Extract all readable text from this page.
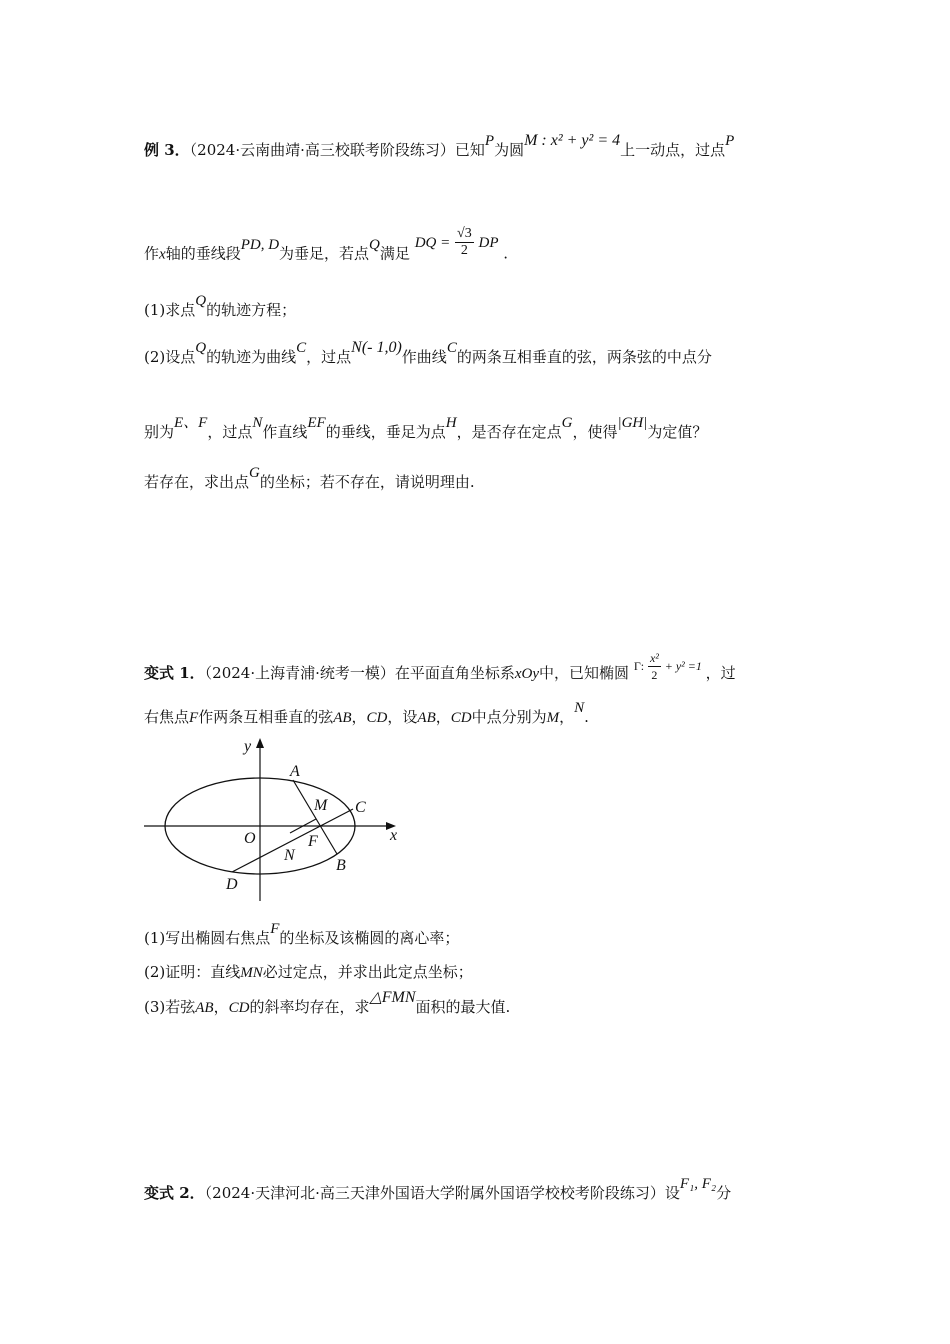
例 3．（2024·云南曲靖·高三校联考阶段练习）已知P为圆M : x² + y² = 4上一动点，过点P
作x轴的垂线段PD, D为垂足，若点Q满足 DQ = $\frac{√3}{2}$ DP .
(1)求点Q的轨迹方程；
(2)设点Q的轨迹为曲线C，过点N(- 1,0)作曲线C的两条互相垂直的弦，两条弦的中点分
别为E、F，过点N作直线EF的垂线，垂足为点H，是否存在定点G，使得|GH|为定值？
若存在，求出点G的坐标；若不存在，请说明理由.
变式 1．（2024·上海青浦·统考一模）在平面直角坐标系xOy中，已知椭圆 $^{\Gamma: \frac{\text{x²}}{2} + y^2 =1}$ ，过
右焦点F作两条互相垂直的弦AB，CD，设AB，CD中点分别为M，N.
y
x
O
A
B
C
D
M
N
F
(1)写出椭圆右焦点F的坐标及该椭圆的离心率；
(2)证明：直线MN必过定点，并求出此定点坐标；
(3)若弦AB，CD的斜率均存在，求△FMN面积的最大值.
变式 2．（2024·天津河北·高三天津外国语大学附属外国语学校校考阶段练习）设F₁, F₂分
